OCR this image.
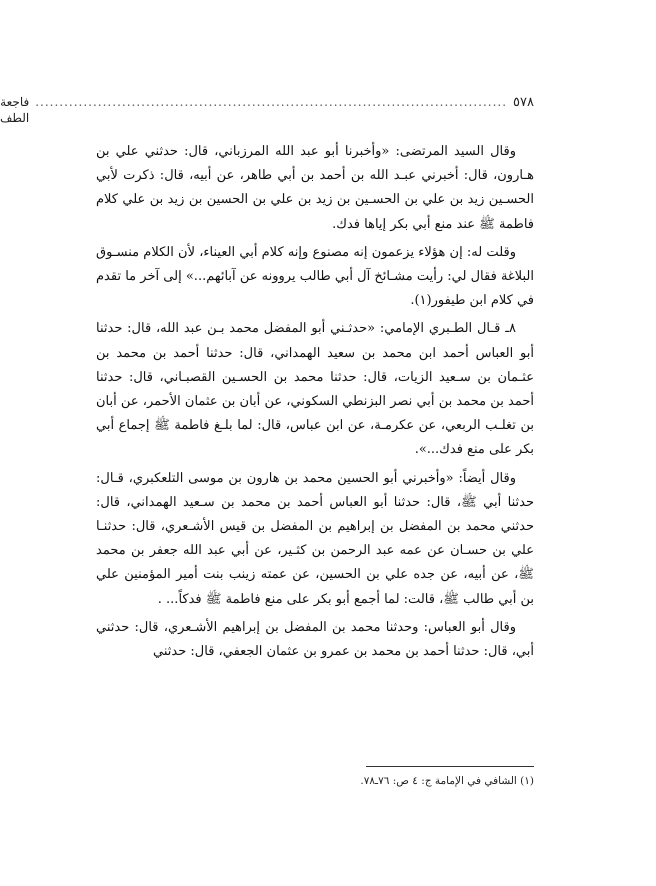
٥٧٨
..................................................................................................
فاجعة الطف

وقال السيد المرتضى: «وأخبرنا أبو عبد الله المرزباني، قال: حدثني علي بن هـارون، قال: أخبرني عبـد الله بن أحمد بن أبي طاهر، عن أبيه، قال: ذكرت لأبي الحسـين زيد بن علي بن الحسـين بن زيد بن علي بن الحسين بن زيد بن علي كلام فاطمة ﷺ عند منع أبي بكر إياها فدك.

وقلت له: إن هؤلاء يزعمون إنه مصنوع وإنه كلام أبي العيناء، لأن الكلام منسـوق البلاغة فقال لي: رأيت مشـائخ آل أبي طالب يروونه عن آبائهم...» إلى آخر ما تقدم في كلام ابن طيفور(١).

٨ـ قـال الطـبري الإمامي: «حدثـني أبو المفضل محمد بـن عبد الله، قال: حدثنا أبو العباس أحمد ابن محمد بن سعيد الهمداني، قال: حدثنا أحمد بن محمد بن عثـمان بن سـعيد الزيات، قال: حدثنا محمد بن الحسـين القصبـاني، قال: حدثنا أحمد بن محمد بن أبي نصر البزنطي السكوني، عن أبان بن عثمان الأحمر، عن أبان بن تغلـب الربعي، عن عكرمـة، عن ابن عباس، قال: لما بلـغ فاطمة ﷺ إجماع أبي بكر على منع فدك...».

وقال أيضاً: «وأخبرني أبو الحسين محمد بن هارون بن موسى التلعكبري، قـال: حدثنا أبي ﷺ، قال: حدثنا أبو العباس أحمد بن محمد بن سـعيد الهمداني، قال: حدثني محمد بن المفضل بن إبراهيم بن المفضل بن قيس الأشـعري، قال: حدثنـا علي بن حسـان عن عمه عبد الرحمن بن كثـير، عن أبي عبد الله جعفر بن محمد ﷺ، عن أبيه، عن جده علي بن الحسين، عن عمته زينب بنت أمير المؤمنين علي بن أبي طالب ﷺ، قالت: لما أجمع أبو بكر على منع فاطمة ﷺ فدكاً... .

وقال أبو العباس: وحدثنا محمد بن المفضل بن إبراهيم الأشـعري، قال: حدثني أبي، قال: حدثنا أحمد بن محمد بن عمرو بن عثمان الجعفي، قال: حدثني

(١) الشافي في الإمامة ج: ٤ ص: ٧٦ـ٧٨.
